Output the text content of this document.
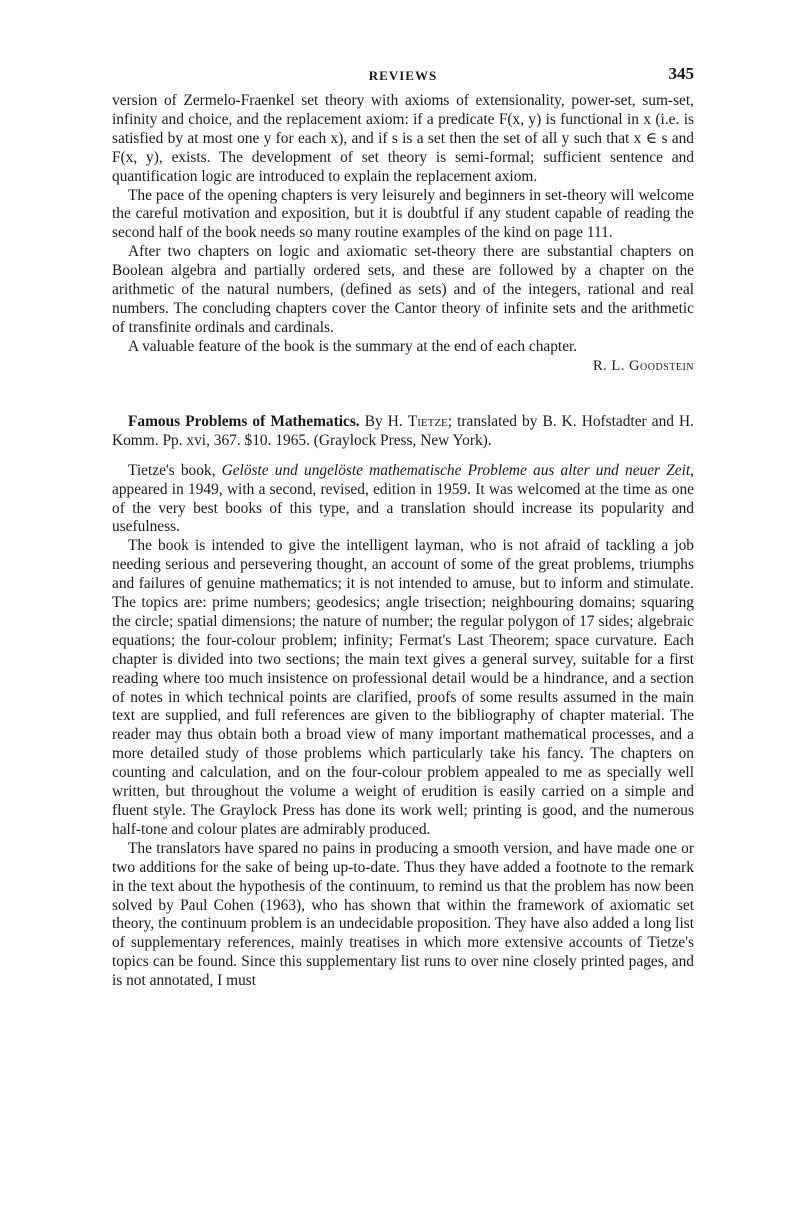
REVIEWS	345

version of Zermelo-Fraenkel set theory with axioms of extensionality, power-set, sum-set, infinity and choice, and the replacement axiom: if a predicate F(x, y) is functional in x (i.e. is satisfied by at most one y for each x), and if s is a set then the set of all y such that x ∈ s and F(x, y), exists. The development of set theory is semi-formal; sufficient sentence and quantification logic are introduced to explain the replacement axiom.

The pace of the opening chapters is very leisurely and beginners in set-theory will welcome the careful motivation and exposition, but it is doubtful if any student capable of reading the second half of the book needs so many routine examples of the kind on page 111.

After two chapters on logic and axiomatic set-theory there are substantial chapters on Boolean algebra and partially ordered sets, and these are followed by a chapter on the arithmetic of the natural numbers, (defined as sets) and of the integers, rational and real numbers. The concluding chapters cover the Cantor theory of infinite sets and the arithmetic of transfinite ordinals and cardinals.

A valuable feature of the book is the summary at the end of each chapter.

R. L. Goodstein
Famous Problems of Mathematics. By H. Tietze; translated by B. K. Hofstadter and H. Komm. Pp. xvi, 367. $10. 1965. (Graylock Press, New York).

Tietze's book, Gelöste und ungelöste mathematische Probleme aus alter und neuer Zeit, appeared in 1949, with a second, revised, edition in 1959. It was welcomed at the time as one of the very best books of this type, and a translation should increase its popularity and usefulness.

The book is intended to give the intelligent layman, who is not afraid of tackling a job needing serious and persevering thought, an account of some of the great problems, triumphs and failures of genuine mathematics; it is not intended to amuse, but to inform and stimulate. The topics are: prime numbers; geodesics; angle trisection; neighbouring domains; squaring the circle; spatial dimensions; the nature of number; the regular polygon of 17 sides; algebraic equations; the four-colour problem; infinity; Fermat's Last Theorem; space curvature. Each chapter is divided into two sections; the main text gives a general survey, suitable for a first reading where too much insistence on professional detail would be a hindrance, and a section of notes in which technical points are clarified, proofs of some results assumed in the main text are supplied, and full references are given to the bibliography of chapter material. The reader may thus obtain both a broad view of many important mathematical processes, and a more detailed study of those problems which particularly take his fancy. The chapters on counting and calculation, and on the four-colour problem appealed to me as specially well written, but throughout the volume a weight of erudition is easily carried on a simple and fluent style. The Graylock Press has done its work well; printing is good, and the numerous half-tone and colour plates are admirably produced.

The translators have spared no pains in producing a smooth version, and have made one or two additions for the sake of being up-to-date. Thus they have added a footnote to the remark in the text about the hypothesis of the continuum, to remind us that the problem has now been solved by Paul Cohen (1963), who has shown that within the framework of axiomatic set theory, the continuum problem is an undecidable proposition. They have also added a long list of supplementary references, mainly treatises in which more extensive accounts of Tietze's topics can be found. Since this supplementary list runs to over nine closely printed pages, and is not annotated, I must
